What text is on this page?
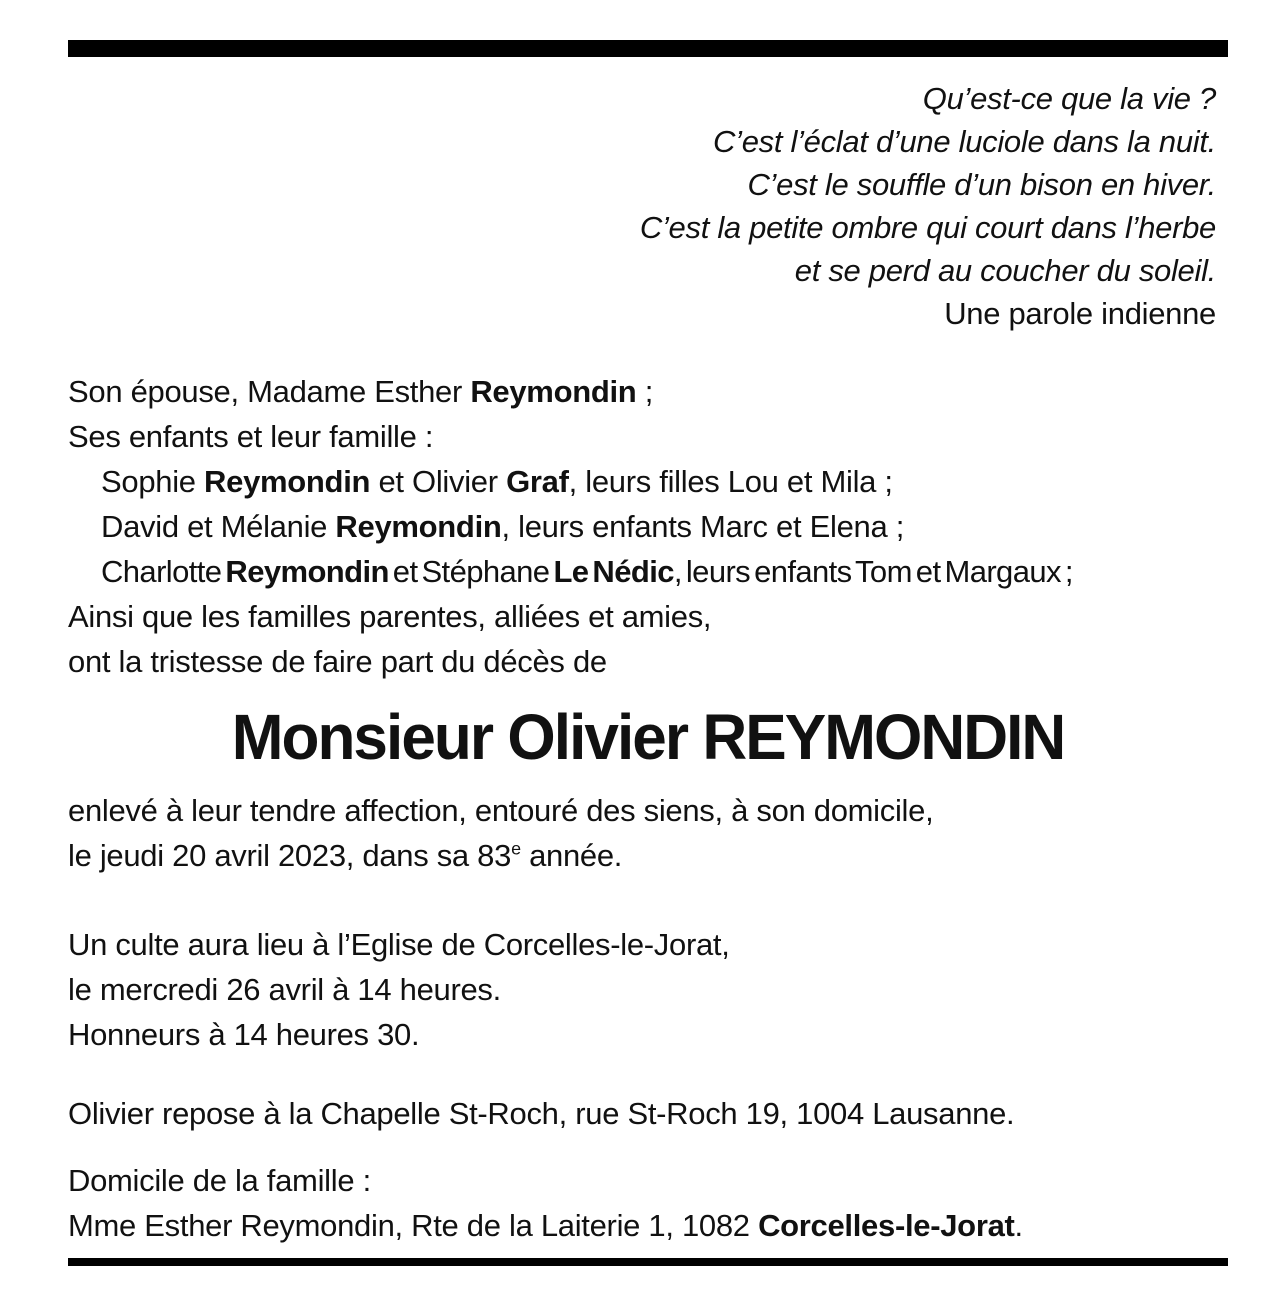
Qu’est-ce que la vie ?
C’est l’éclat d’une luciole dans la nuit.
C’est le souffle d’un bison en hiver.
C’est la petite ombre qui court dans l’herbe
et se perd au coucher du soleil.
Une parole indienne
Son épouse, Madame Esther Reymondin ;
Ses enfants et leur famille :
Sophie Reymondin et Olivier Graf, leurs filles Lou et Mila ;
David et Mélanie Reymondin, leurs enfants Marc et Elena ;
Charlotte Reymondin et Stéphane Le Nédic, leurs enfants Tom et Margaux ;
Ainsi que les familles parentes, alliées et amies,
ont la tristesse de faire part du décès de
Monsieur Olivier REYMONDIN
enlevé à leur tendre affection, entouré des siens, à son domicile,
le jeudi 20 avril 2023, dans sa 83e année.
Un culte aura lieu à l’Eglise de Corcelles-le-Jorat,
le mercredi 26 avril à 14 heures.
Honneurs à 14 heures 30.
Olivier repose à la Chapelle St-Roch, rue St-Roch 19, 1004 Lausanne.
Domicile de la famille :
Mme Esther Reymondin, Rte de la Laiterie 1, 1082 Corcelles-le-Jorat.
